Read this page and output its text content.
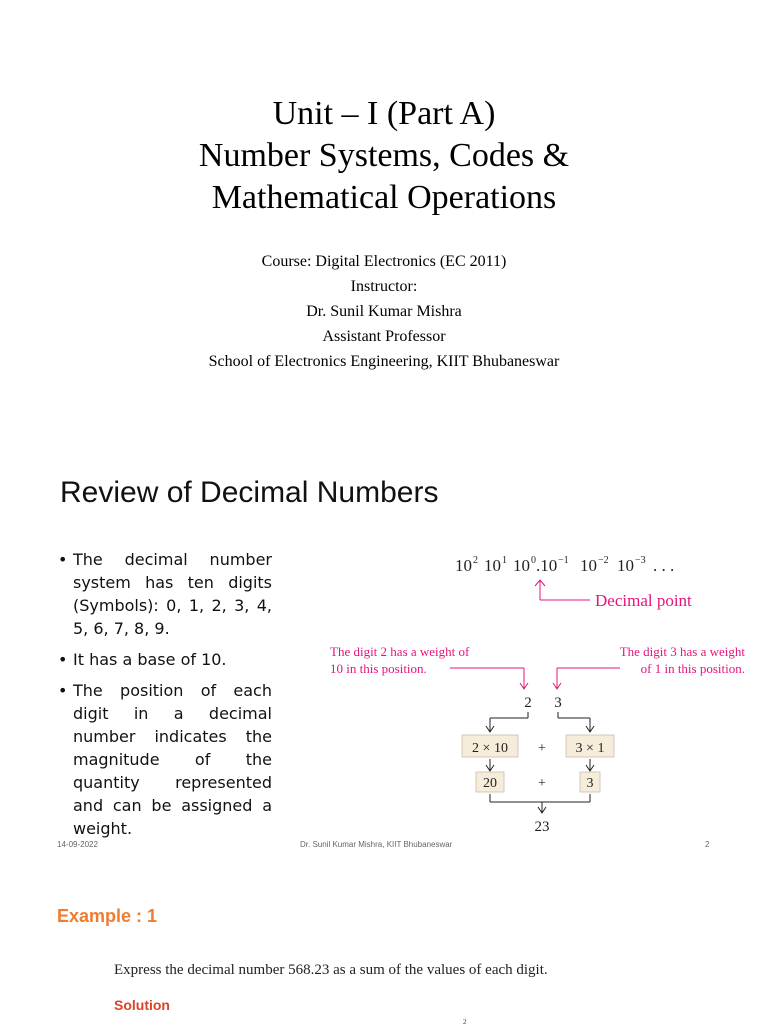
Unit – I (Part A)
Number Systems, Codes &
Mathematical Operations
Course: Digital Electronics (EC 2011)
Instructor:
Dr. Sunil Kumar Mishra
Assistant Professor
School of Electronics Engineering, KIIT Bhubaneswar
Review of Decimal Numbers
• The decimal number system has ten digits (Symbols): 0, 1, 2, 3, 4, 5, 6, 7, 8, 9.
• It has a base of 10.
• The position of each digit in a decimal number indicates the magnitude of the quantity represented and can be assigned a weight.
10 2 10 1 10 0 .10 −1 10 −2 10 −3 . . .
Decimal point
The digit 2 has a weight of
10 in this position.
The digit 3 has a weight
of 1 in this position.
2 3
2 × 10 + 3 × 1
20	+	3
23
14-09-2022	Dr. Sunil Kumar Mishra, KIIT Bhubaneswar	2
Example : 1
Express the decimal number 568.23 as a sum of the values of each digit.
Solution
2
